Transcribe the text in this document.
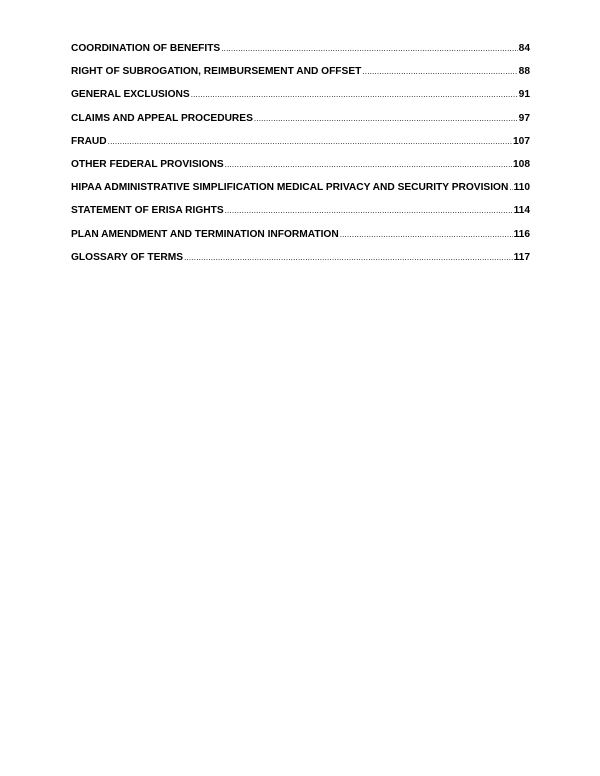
COORDINATION OF BENEFITS .....	84
RIGHT OF SUBROGATION, REIMBURSEMENT AND OFFSET .....	88
GENERAL EXCLUSIONS .....	91
CLAIMS AND APPEAL PROCEDURES .....	97
FRAUD .....	107
OTHER FEDERAL PROVISIONS .....	108
HIPAA ADMINISTRATIVE SIMPLIFICATION MEDICAL PRIVACY AND SECURITY PROVISION ..... 110
STATEMENT OF ERISA RIGHTS .....	114
PLAN AMENDMENT AND TERMINATION INFORMATION .....	116
GLOSSARY OF TERMS .....	117
